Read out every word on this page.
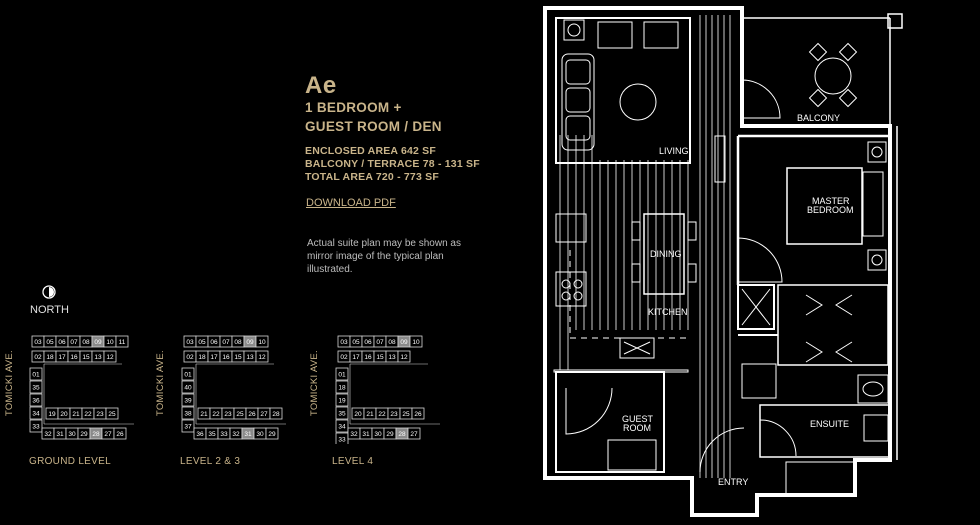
Ae
1 BEDROOM +
GUEST ROOM / DEN
ENCLOSED AREA 642 SF
BALCONY / TERRACE 78 - 131 SF
TOTAL AREA 720 - 773 SF
DOWNLOAD PDF
Actual suite plan may be shown as mirror image of the typical plan illustrated.
NORTH
TOMICKI AVE.	TOMICKI AVE.	TOMICKI AVE.
03 05 06 07 08 09 10 11
02 18 17 16 15 13 12
01
35
36
34
33
19 20 21 22 23 25
32 31 30 29 28 27 26
03 05 06 07 08 09 10
02 18 17 16 15 13 12
01
40
39
38
37
21 22 23 25 26 27 28
36 35 33 32 31 30 29
03 05 06 07 08 09 10
02 17 16 15 13 12
01
18
19
35
34
33
20 21 22 23 25 26
32 31 30 29 28 27
GROUND LEVEL	LEVEL 2 & 3	LEVEL 4
LIVING
BALCONY
MASTER
BEDROOM
DINING
KITCHEN
GUEST
ROOM	ENSUITE
ENTRY
